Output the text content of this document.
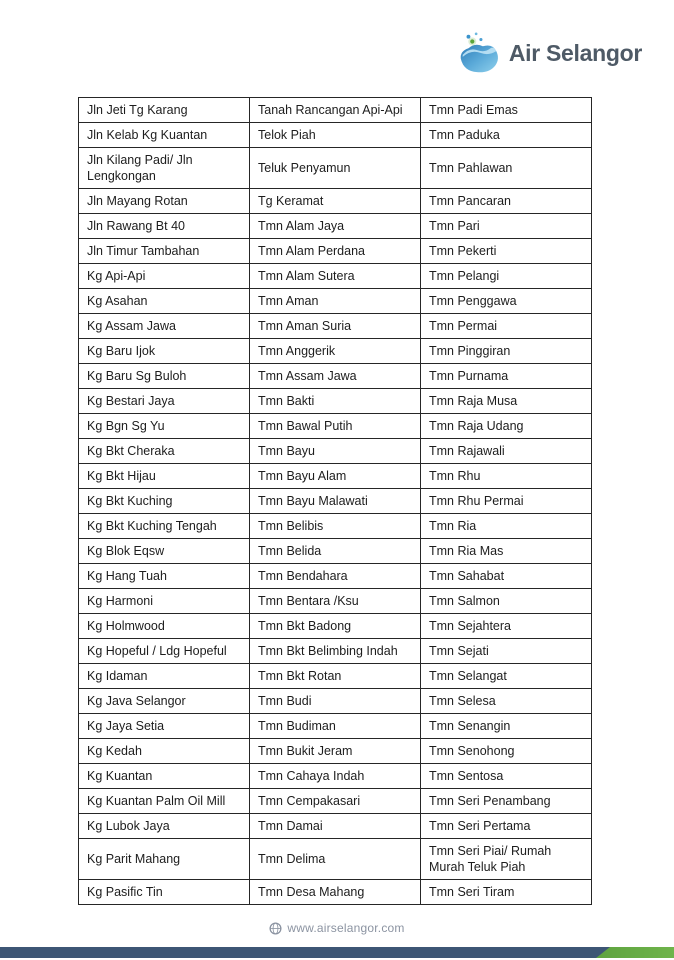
Air Selangor
Jln Jeti Tg Karang	Tanah Rancangan Api-Api	Tmn Padi Emas
Jln Kelab Kg Kuantan	Telok Piah	Tmn Paduka
Jln Kilang Padi/ Jln Lengkongan	Teluk Penyamun	Tmn Pahlawan
Jln Mayang Rotan	Tg Keramat	Tmn Pancaran
Jln Rawang Bt 40	Tmn Alam Jaya	Tmn Pari
Jln Timur Tambahan	Tmn Alam Perdana	Tmn Pekerti
Kg Api-Api	Tmn Alam Sutera	Tmn Pelangi
Kg Asahan	Tmn Aman	Tmn Penggawa
Kg Assam Jawa	Tmn Aman Suria	Tmn Permai
Kg Baru Ijok	Tmn Anggerik	Tmn Pinggiran
Kg Baru Sg Buloh	Tmn Assam Jawa	Tmn Purnama
Kg Bestari Jaya	Tmn Bakti	Tmn Raja Musa
Kg Bgn Sg Yu	Tmn Bawal Putih	Tmn Raja Udang
Kg Bkt Cheraka	Tmn Bayu	Tmn Rajawali
Kg Bkt Hijau	Tmn Bayu Alam	Tmn Rhu
Kg Bkt Kuching	Tmn Bayu Malawati	Tmn Rhu Permai
Kg Bkt Kuching Tengah	Tmn Belibis	Tmn Ria
Kg Blok Eqsw	Tmn Belida	Tmn Ria Mas
Kg Hang Tuah	Tmn Bendahara	Tmn Sahabat
Kg Harmoni	Tmn Bentara /Ksu	Tmn Salmon
Kg Holmwood	Tmn Bkt Badong	Tmn Sejahtera
Kg Hopeful / Ldg Hopeful	Tmn Bkt Belimbing Indah	Tmn Sejati
Kg Idaman	Tmn Bkt Rotan	Tmn Selangat
Kg Java Selangor	Tmn Budi	Tmn Selesa
Kg Jaya Setia	Tmn Budiman	Tmn Senangin
Kg Kedah	Tmn Bukit Jeram	Tmn Senohong
Kg Kuantan	Tmn Cahaya Indah	Tmn Sentosa
Kg Kuantan Palm Oil Mill	Tmn Cempakasari	Tmn Seri Penambang
Kg Lubok Jaya	Tmn Damai	Tmn Seri Pertama
Kg Parit Mahang	Tmn Delima	Tmn Seri Piai/ Rumah Murah Teluk Piah
Kg Pasific Tin	Tmn Desa Mahang	Tmn Seri Tiram
www.airselangor.com
